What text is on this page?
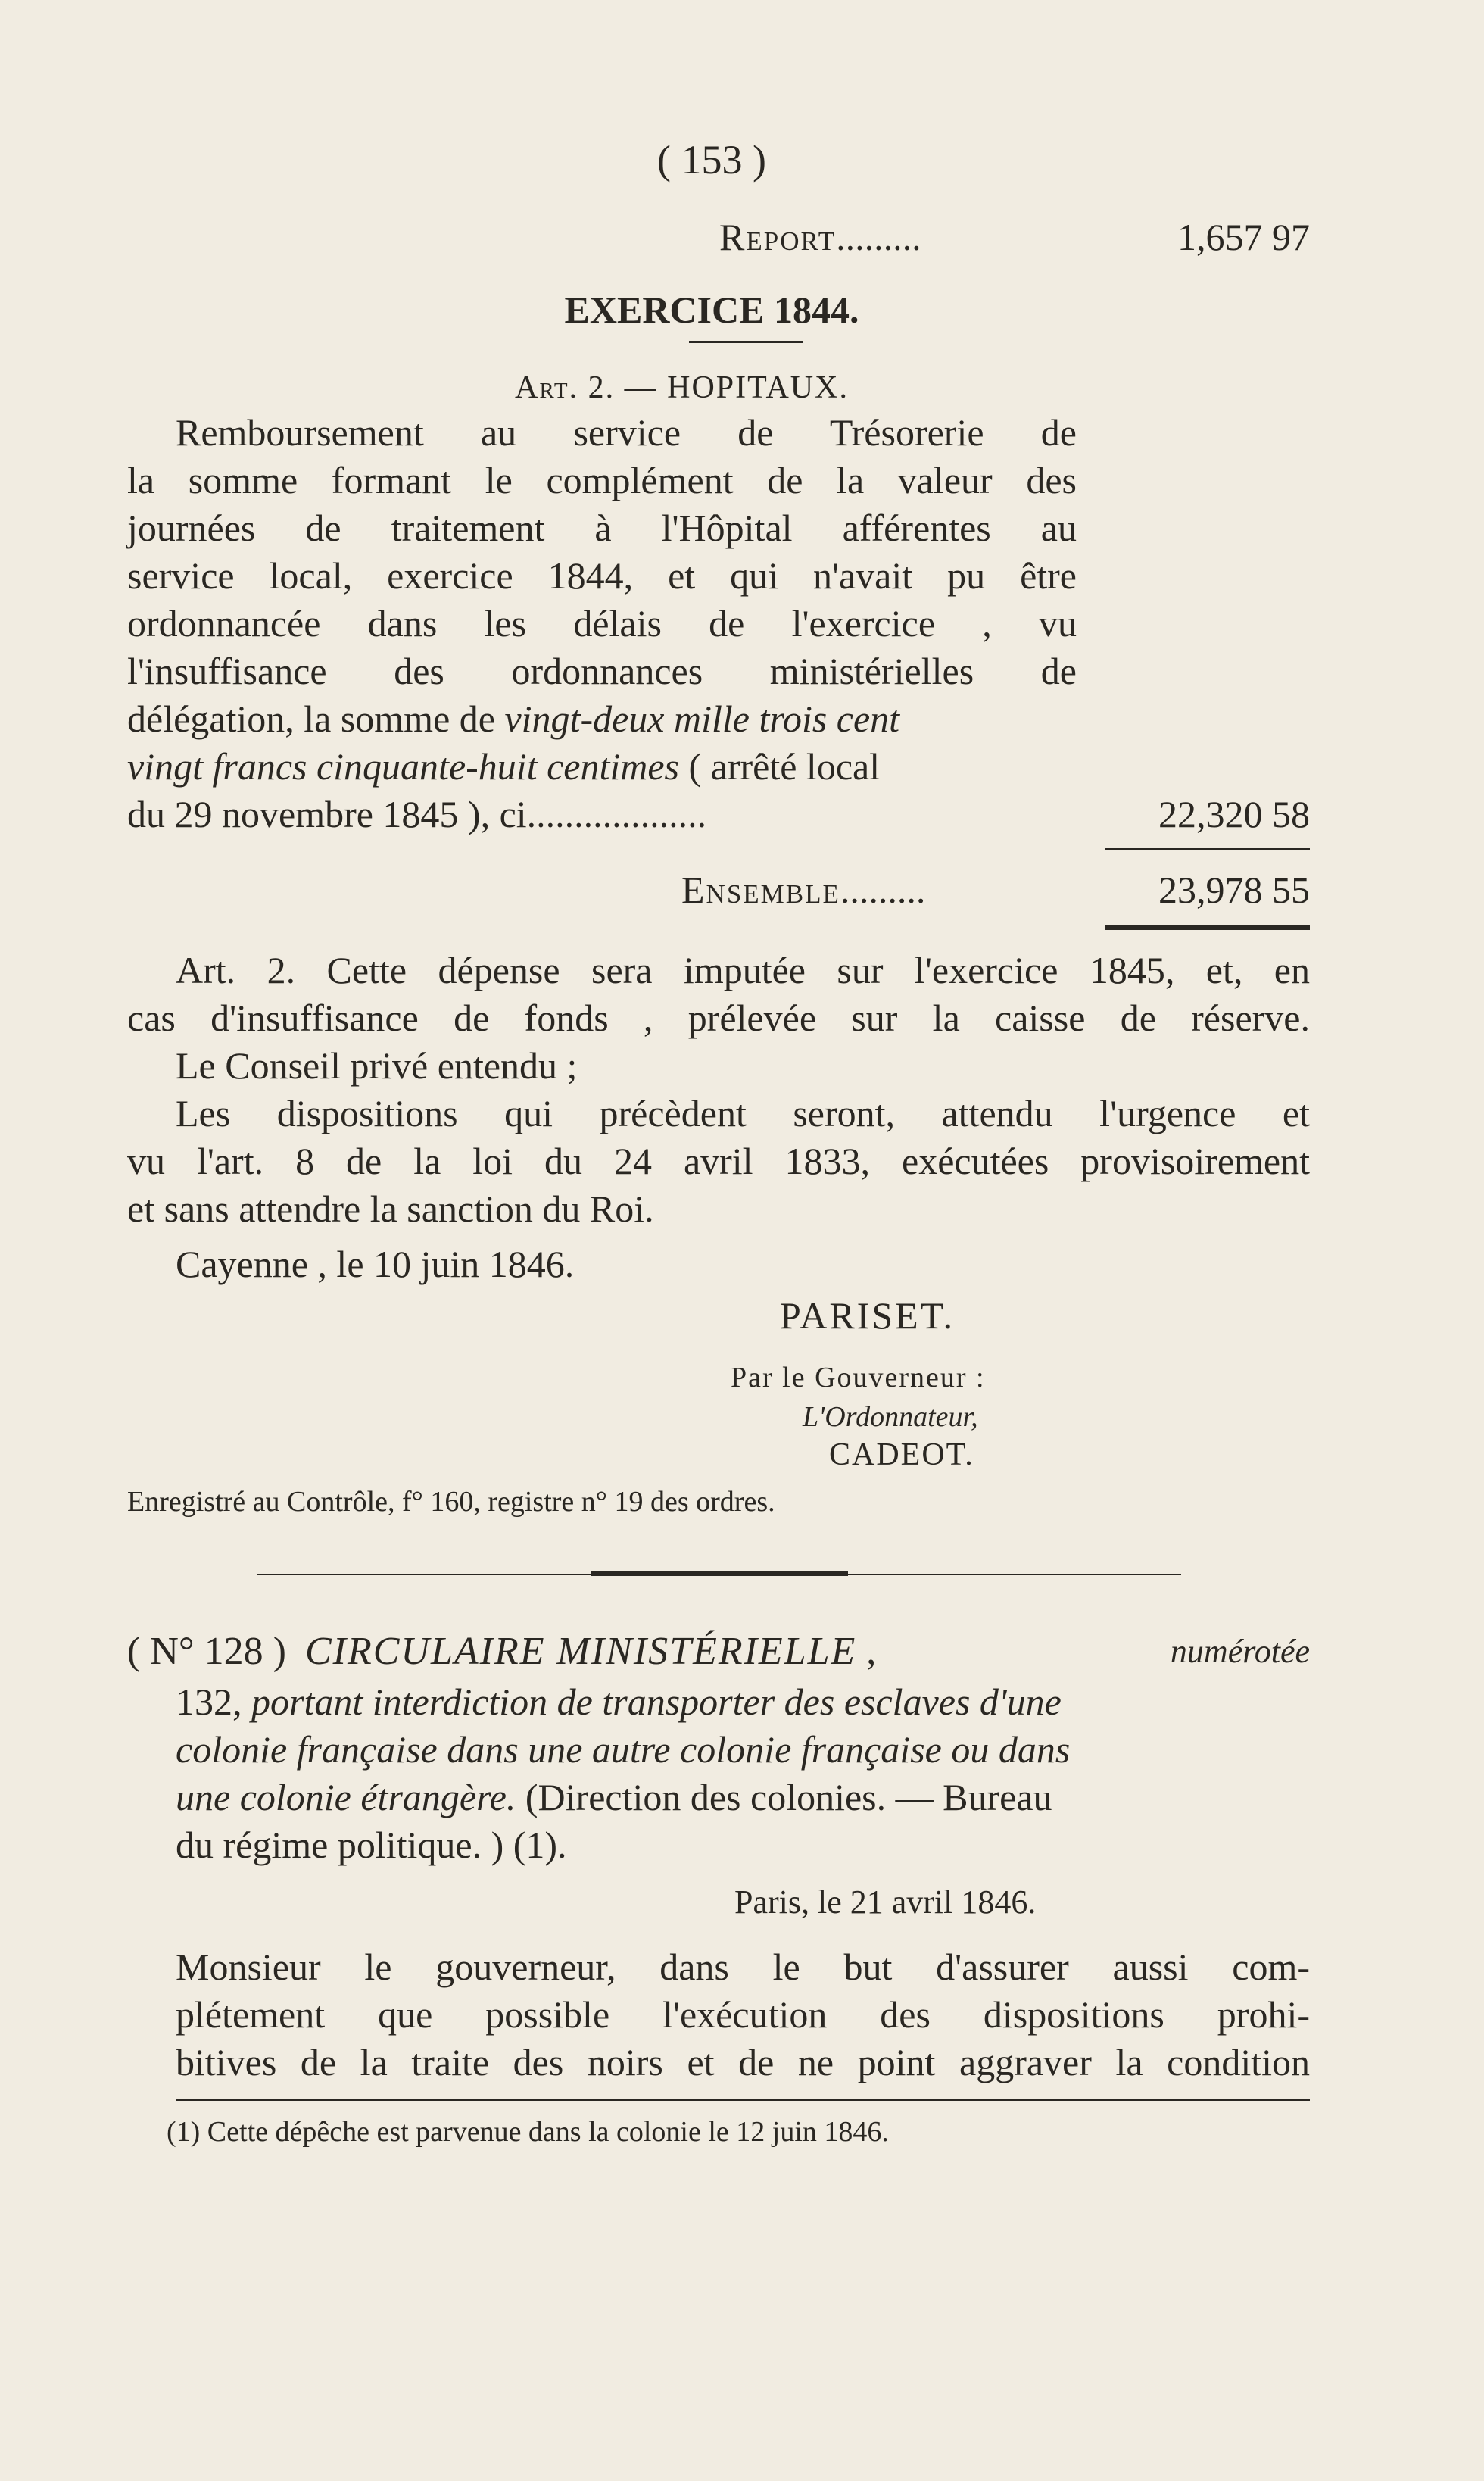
( 153 )
Report .........	1,657 97
EXERCICE 1844.
Art. 2. — HOPITAUX.
Remboursement au service de Trésorerie de
la somme formant le complément de la valeur des
journées de traitement à l'Hôpital afférentes au
service local, exercice 1844, et qui n'avait pu être
ordonnancée dans les délais de l'exercice , vu
l'insuffisance des ordonnances ministérielles de
délégation, la somme de vingt-deux mille trois cent
vingt francs cinquante-huit centimes ( arrêté local
du 29 novembre 1845 ), ci ...................	22,320 58
Ensemble .........	23,978 55
Art. 2. Cette dépense sera imputée sur l'exercice 1845, et, en
cas d'insuffisance de fonds , prélevée sur la caisse de réserve.
Le Conseil privé entendu ;
Les dispositions qui précèdent seront, attendu l'urgence et
vu l'art. 8 de la loi du 24 avril 1833, exécutées provisoirement
et sans attendre la sanction du Roi.
Cayenne , le 10 juin 1846.
PARISET.
Par le Gouverneur :
L'Ordonnateur,
CADEOT.
Enregistré au Contrôle, f° 160, registre n° 19 des ordres.
( N° 128 ) CIRCULAIRE MINISTÉRIELLE ,	numérotée
132, portant interdiction de transporter des esclaves d'une
colonie française dans une autre colonie française ou dans
une colonie étrangère. (Direction des colonies. — Bureau
du régime politique. ) (1).
Paris, le 21 avril 1846.
Monsieur le gouverneur, dans le but d'assurer aussi com-
plétement que possible l'exécution des dispositions prohi-
bitives de la traite des noirs et de ne point aggraver la condition
(1) Cette dépêche est parvenue dans la colonie le 12 juin 1846.
